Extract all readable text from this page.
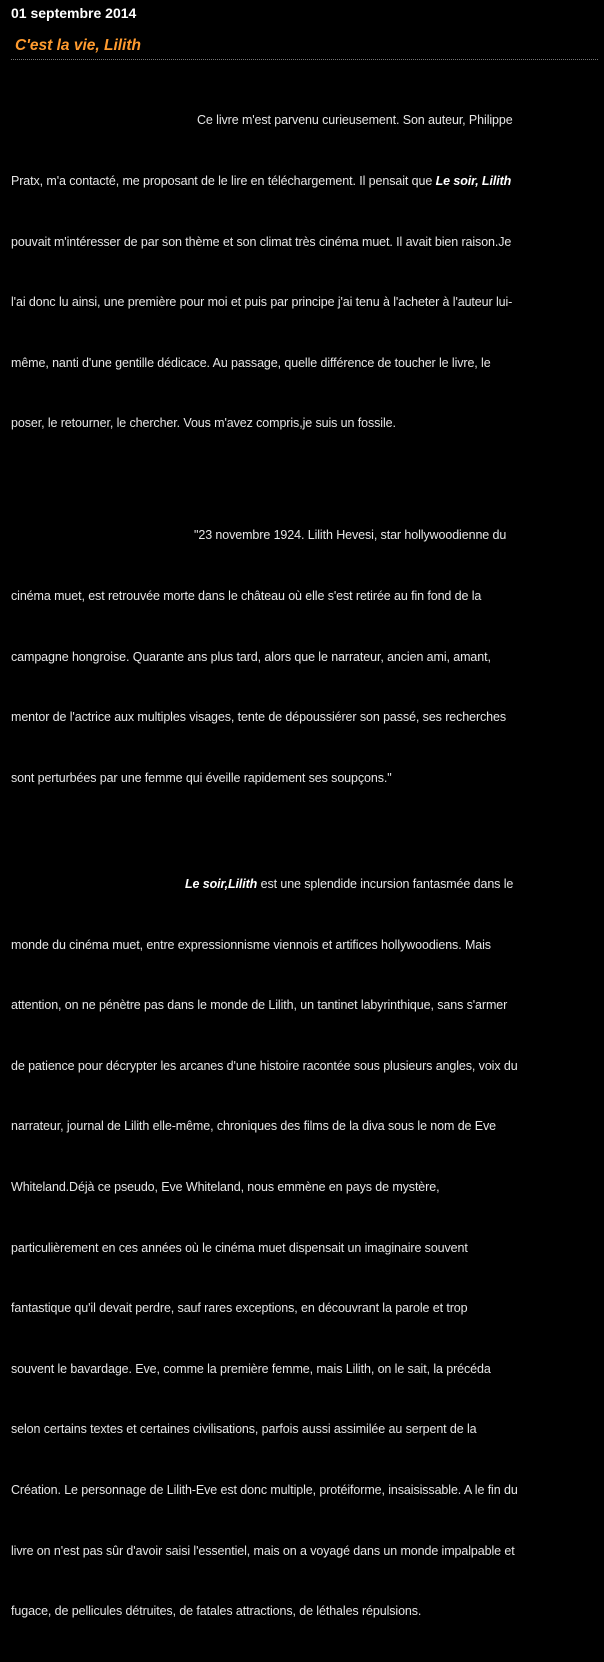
01 septembre 2014
C'est la vie, Lilith

Ce livre m'est parvenu curieusement. Son auteur, Philippe

Pratx, m'a contacté, me proposant de le lire en téléchargement. Il pensait que Le soir, Lilith

pouvait m'intéresser de par son thème et son climat très cinéma muet. Il avait bien raison.Je

l'ai donc lu ainsi, une première pour moi et puis par principe j'ai tenu à l'acheter à l'auteur lui-

même, nanti d'une gentille dédicace. Au passage, quelle différence de toucher le livre, le

poser, le retourner, le chercher. Vous m'avez compris,je suis un fossile.

"23 novembre 1924. Lilith Hevesi, star hollywoodienne du

cinéma muet, est retrouvée morte dans le château où elle s'est retirée au fin fond de la

campagne hongroise. Quarante ans plus tard, alors que le narrateur, ancien ami, amant,

mentor de l'actrice aux multiples visages, tente de dépoussiérer son passé, ses recherches

sont perturbées par une femme qui éveille rapidement ses soupçons."

Le soir,Lilith est une splendide incursion fantasmée dans le

monde du cinéma muet, entre expressionnisme viennois et artifices hollywoodiens. Mais

attention, on ne pénètre pas dans le monde de Lilith, un tantinet labyrinthique, sans s'armer

de patience pour décrypter les arcanes d'une histoire racontée sous plusieurs angles, voix du

narrateur, journal de Lilith elle-même, chroniques des films de la diva sous le nom de Eve

Whiteland.Déjà ce pseudo, Eve Whiteland, nous emmène en pays de mystère,

particulièrement en ces années où le cinéma muet dispensait un imaginaire souvent

fantastique qu'il devait perdre, sauf rares exceptions, en découvrant la parole et trop

souvent le bavardage. Eve, comme la première femme, mais Lilith, on le sait, la précéda

selon certains textes et certaines civilisations, parfois aussi assimilée au serpent de la

Création. Le personnage de Lilith-Eve est donc multiple, protéiforme, insaisissable. A le fin du

livre on n'est pas sûr d'avoir saisi l'essentiel, mais on a voyagé dans un monde impalpable et

fugace, de pellicules détruites, de fatales attractions, de léthales répulsions.
